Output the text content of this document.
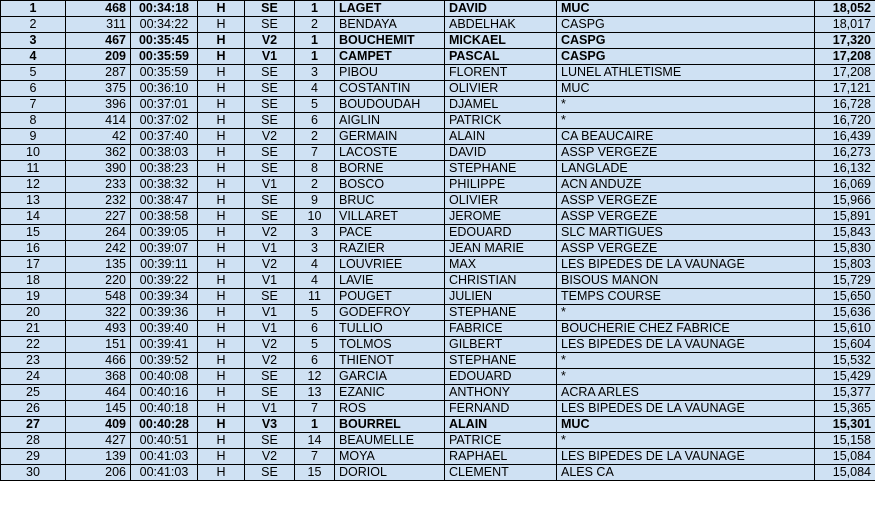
1	468	00:34:18	H	SE	1	LAGET	DAVID	MUC	18,052
2	311	00:34:22	H	SE	2	BENDAYA	ABDELHAK	CASPG	18,017
3	467	00:35:45	H	V2	1	BOUCHEMIT	MICKAEL	CASPG	17,320
4	209	00:35:59	H	V1	1	CAMPET	PASCAL	CASPG	17,208
5	287	00:35:59	H	SE	3	PIBOU	FLORENT	LUNEL ATHLETISME	17,208
6	375	00:36:10	H	SE	4	COSTANTIN	OLIVIER	MUC	17,121
7	396	00:37:01	H	SE	5	BOUDOUDAH	DJAMEL	*	16,728
8	414	00:37:02	H	SE	6	AIGLIN	PATRICK	*	16,720
9	42	00:37:40	H	V2	2	GERMAIN	ALAIN	CA BEAUCAIRE	16,439
10	362	00:38:03	H	SE	7	LACOSTE	DAVID	ASSP VERGEZE	16,273
11	390	00:38:23	H	SE	8	BORNE	STEPHANE	LANGLADE	16,132
12	233	00:38:32	H	V1	2	BOSCO	PHILIPPE	ACN ANDUZE	16,069
13	232	00:38:47	H	SE	9	BRUC	OLIVIER	ASSP VERGEZE	15,966
14	227	00:38:58	H	SE	10	VILLARET	JEROME	ASSP VERGEZE	15,891
15	264	00:39:05	H	V2	3	PACE	EDOUARD	SLC MARTIGUES	15,843
16	242	00:39:07	H	V1	3	RAZIER	JEAN MARIE	ASSP VERGEZE	15,830
17	135	00:39:11	H	V2	4	LOUVRIEE	MAX	LES BIPEDES DE LA VAUNAGE	15,803
18	220	00:39:22	H	V1	4	LAVIE	CHRISTIAN	BISOUS MANON	15,729
19	548	00:39:34	H	SE	11	POUGET	JULIEN	TEMPS COURSE	15,650
20	322	00:39:36	H	V1	5	GODEFROY	STEPHANE	*	15,636
21	493	00:39:40	H	V1	6	TULLIO	FABRICE	BOUCHERIE CHEZ FABRICE	15,610
22	151	00:39:41	H	V2	5	TOLMOS	GILBERT	LES BIPEDES DE LA VAUNAGE	15,604
23	466	00:39:52	H	V2	6	THIENOT	STEPHANE	*	15,532
24	368	00:40:08	H	SE	12	GARCIA	EDOUARD	*	15,429
25	464	00:40:16	H	SE	13	EZANIC	ANTHONY	ACRA ARLES	15,377
26	145	00:40:18	H	V1	7	ROS	FERNAND	LES BIPEDES DE LA VAUNAGE	15,365
27	409	00:40:28	H	V3	1	BOURREL	ALAIN	MUC	15,301
28	427	00:40:51	H	SE	14	BEAUMELLE	PATRICE	*	15,158
29	139	00:41:03	H	V2	7	MOYA	RAPHAEL	LES BIPEDES DE LA VAUNAGE	15,084
30	206	00:41:03	H	SE	15	DORIOL	CLEMENT	ALES CA	15,084
